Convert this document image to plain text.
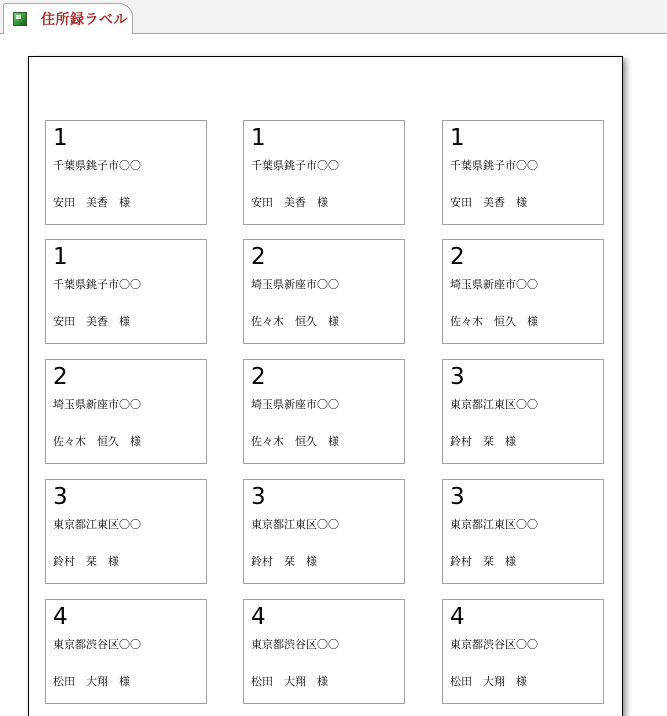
住所録ラベル
1
千葉県銚子市〇〇
安田　美香　様
1
千葉県銚子市〇〇
安田　美香　様
1
千葉県銚子市〇〇
安田　美香　様
1
千葉県銚子市〇〇
安田　美香　様
2
埼玉県新座市〇〇
佐々木　恒久　様
2
埼玉県新座市〇〇
佐々木　恒久　様
2
埼玉県新座市〇〇
佐々木　恒久　様
2
埼玉県新座市〇〇
佐々木　恒久　様
3
東京都江東区〇〇
鈴村　栞　様
3
東京都江東区〇〇
鈴村　栞　様
3
東京都江東区〇〇
鈴村　栞　様
3
東京都江東区〇〇
鈴村　栞　様
4
東京都渋谷区〇〇
松田　大翔　様
4
東京都渋谷区〇〇
松田　大翔　様
4
東京都渋谷区〇〇
松田　大翔　様
